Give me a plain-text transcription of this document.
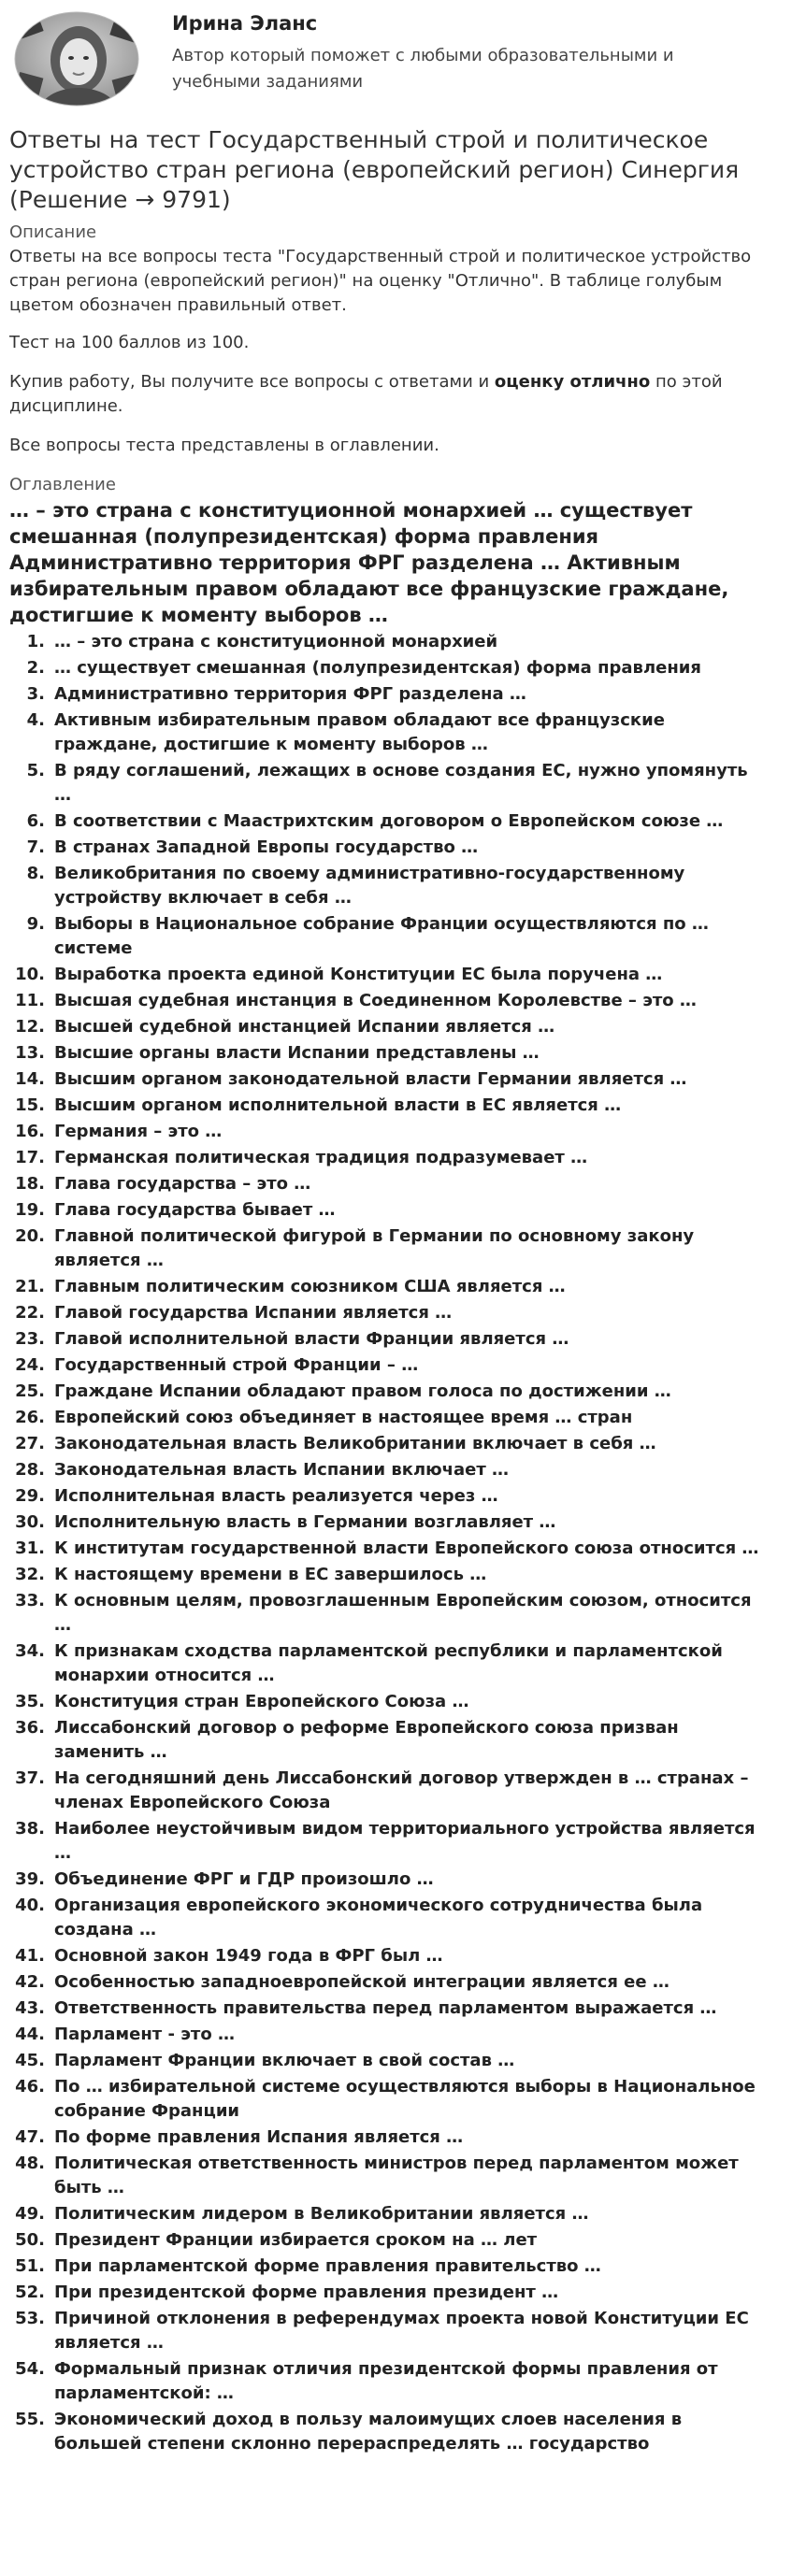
Ирина Эланс
Автор который поможет с любыми образовательными и учебными заданиями
Ответы на тест Государственный строй и политическое устройство стран региона (европейский регион) Синергия (Решение → 9791)
Описание

Ответы на все вопросы теста "Государственный строй и политическое устройство стран региона (европейский регион)" на оценку "Отлично". В таблице голубым цветом обозначен правильный ответ.

Тест на 100 баллов из 100.

Купив работу, Вы получите все вопросы с ответами и оценку отлично по этой дисциплине.

Все вопросы теста представлены в оглавлении.

Оглавление
… – это страна с конституционной монархией … существует смешанная (полупрезидентская) форма правления Административно территория ФРГ разделена … Активным избирательным правом обладают все французские граждане, достигшие к моменту выборов …
1. … – это страна с конституционной монархией
2. … существует смешанная (полупрезидентская) форма правления
3. Административно территория ФРГ разделена …
4. Активным избирательным правом обладают все французские граждане, достигшие к моменту выборов …
5. В ряду соглашений, лежащих в основе создания ЕС, нужно упомянуть …
6. В соответствии с Маастрихтским договором о Европейском союзе …
7. В странах Западной Европы государство …
8. Великобритания по своему административно-государственному устройству включает в себя …
9. Выборы в Национальное собрание Франции осуществляются по … системе
10. Выработка проекта единой Конституции ЕС была поручена …
11. Высшая судебная инстанция в Соединенном Королевстве – это …
12. Высшей судебной инстанцией Испании является …
13. Высшие органы власти Испании представлены …
14. Высшим органом законодательной власти Германии является …
15. Высшим органом исполнительной власти в ЕС является …
16. Германия – это …
17. Германская политическая традиция подразумевает …
18. Глава государства – это …
19. Глава государства бывает …
20. Главной политической фигурой в Германии по основному закону является …
21. Главным политическим союзником США является …
22. Главой государства Испании является …
23. Главой исполнительной власти Франции является …
24. Государственный строй Франции – …
25. Граждане Испании обладают правом голоса по достижении …
26. Европейский союз объединяет в настоящее время … стран
27. Законодательная власть Великобритании включает в себя …
28. Законодательная власть Испании включает …
29. Исполнительная власть реализуется через …
30. Исполнительную власть в Германии возглавляет …
31. К институтам государственной власти Европейского союза относится …
32. К настоящему времени в ЕС завершилось …
33. К основным целям, провозглашенным Европейским союзом, относится …
34. К признакам сходства парламентской республики и парламентской монархии относится …
35. Конституция стран Европейского Союза …
36. Лиссабонский договор о реформе Европейского союза призван заменить …
37. На сегодняшний день Лиссабонский договор утвержден в … странах – членах Европейского Союза
38. Наиболее неустойчивым видом территориального устройства является …
39. Объединение ФРГ и ГДР произошло …
40. Организация европейского экономического сотрудничества была создана …
41. Основной закон 1949 года в ФРГ был …
42. Особенностью западноевропейской интеграции является ее …
43. Ответственность правительства перед парламентом выражается …
44. Парламент - это …
45. Парламент Франции включает в свой состав …
46. По … избирательной системе осуществляются выборы в Национальное собрание Франции
47. По форме правления Испания является …
48. Политическая ответственность министров перед парламентом может быть …
49. Политическим лидером в Великобритании является …
50. Президент Франции избирается сроком на … лет
51. При парламентской форме правления правительство …
52. При президентской форме правления президент …
53. Причиной отклонения в референдумах проекта новой Конституции ЕС является …
54. Формальный признак отличия президентской формы правления от парламентской: …
55. Экономический доход в пользу малоимущих слоев населения в большей степени склонно перераспределять … государство
